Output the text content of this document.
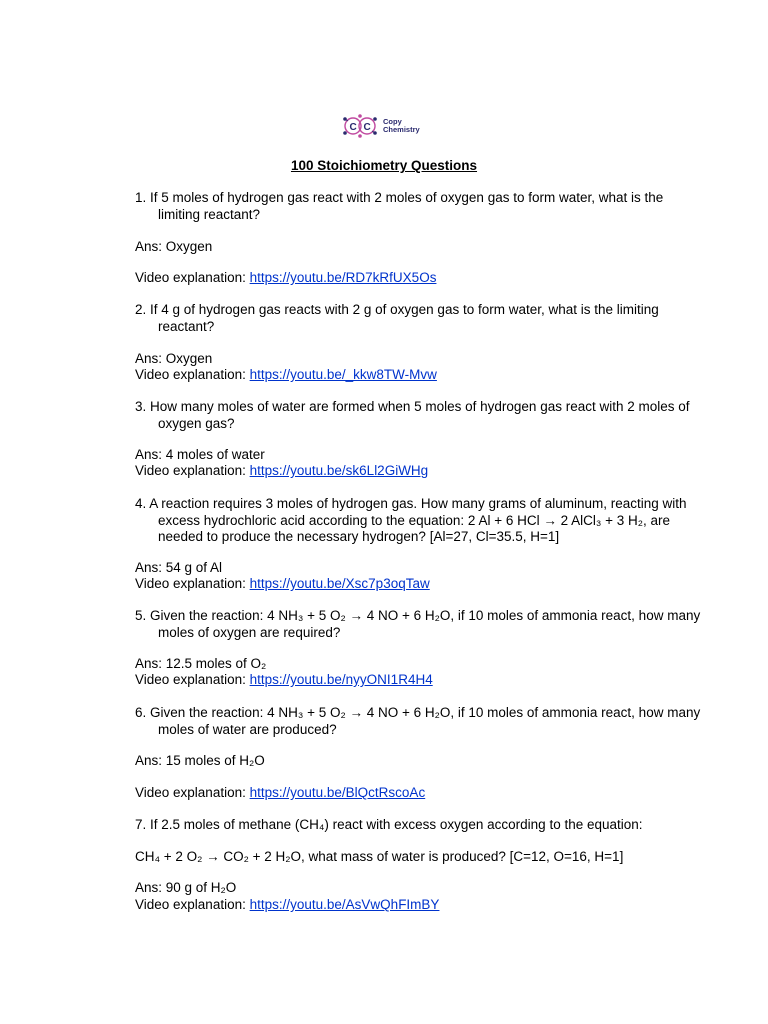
C C
Copy
Chemistry
100 Stoichiometry Questions
1. If 5 moles of hydrogen gas react with 2 moles of oxygen gas to form water, what is the limiting reactant?
Ans: Oxygen
Video explanation: https://youtu.be/RD7kRfUX5Os
2. If 4 g of hydrogen gas reacts with 2 g of oxygen gas to form water, what is the limiting reactant?
Ans: Oxygen
Video explanation: https://youtu.be/_kkw8TW-Mvw
3. How many moles of water are formed when 5 moles of hydrogen gas react with 2 moles of oxygen gas?
Ans: 4 moles of water
Video explanation: https://youtu.be/sk6Ll2GiWHg
4. A reaction requires 3 moles of hydrogen gas. How many grams of aluminum, reacting with excess hydrochloric acid according to the equation: 2 Al + 6 HCl → 2 AlCl₃ + 3 H₂, are needed to produce the necessary hydrogen? [Al=27, Cl=35.5, H=1]
Ans: 54 g of Al
Video explanation: https://youtu.be/Xsc7p3oqTaw
5. Given the reaction: 4 NH₃ + 5 O₂ → 4 NO + 6 H₂O, if 10 moles of ammonia react, how many moles of oxygen are required?
Ans: 12.5 moles of O₂
Video explanation: https://youtu.be/nyyONI1R4H4
6. Given the reaction: 4 NH₃ + 5 O₂ → 4 NO + 6 H₂O, if 10 moles of ammonia react, how many moles of water are produced?
Ans: 15 moles of H₂O
Video explanation: https://youtu.be/BlQctRscoAc
7. If 2.5 moles of methane (CH₄) react with excess oxygen according to the equation:
CH₄ + 2 O₂ → CO₂ + 2 H₂O, what mass of water is produced? [C=12, O=16, H=1]
Ans: 90 g of H₂O
Video explanation: https://youtu.be/AsVwQhFImBY
